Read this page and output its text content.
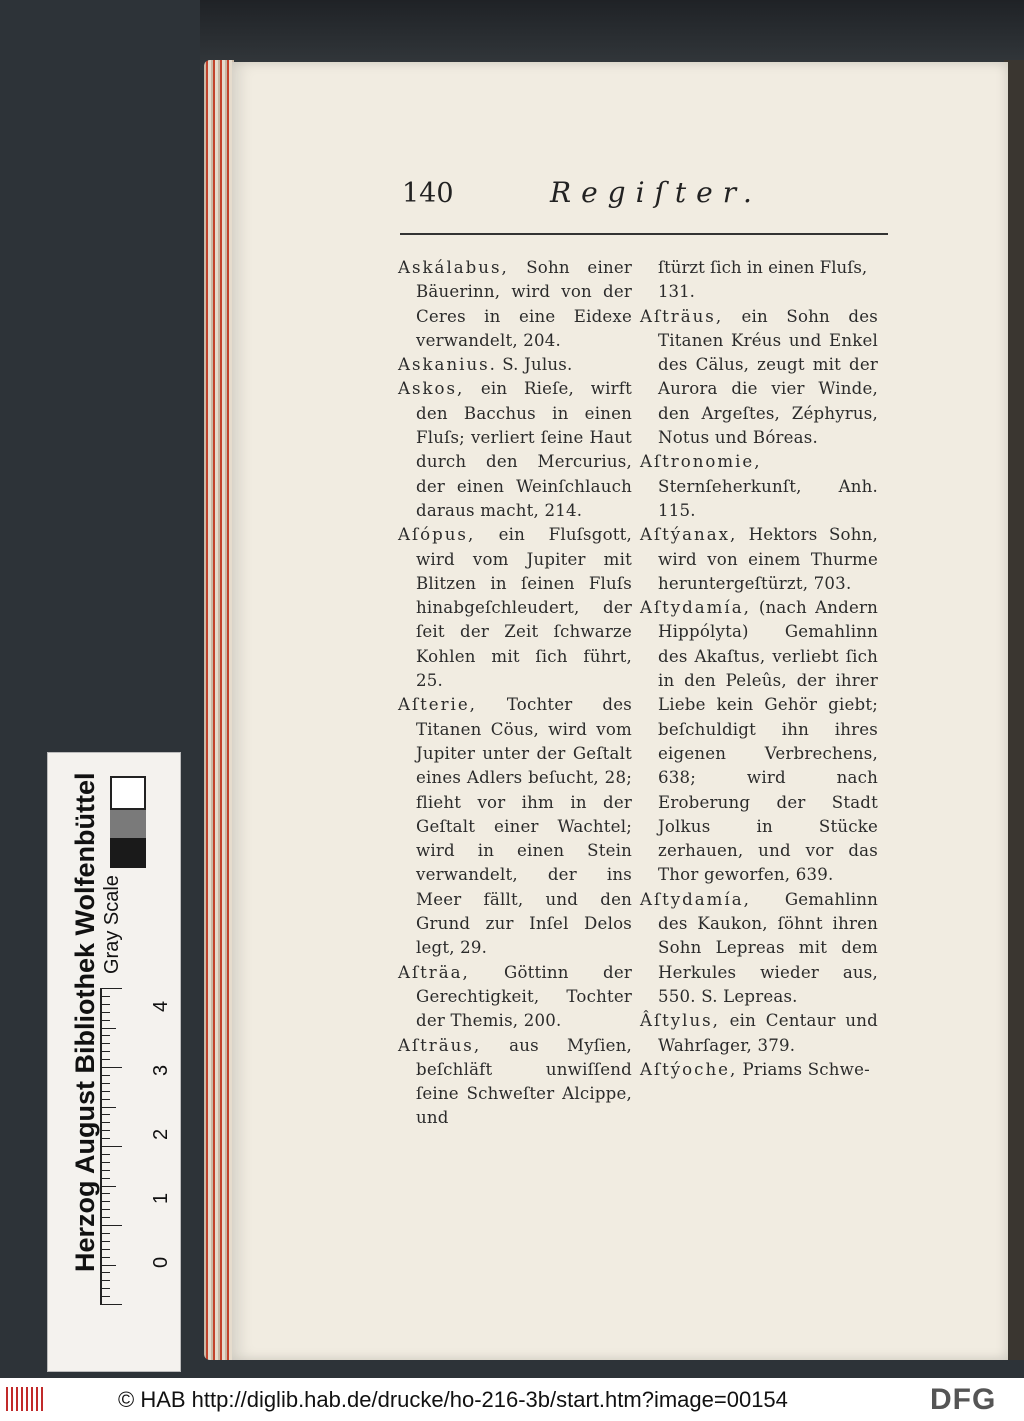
140	Regiſter.

Askálabus, Sohn einer Bäuerinn, wird von der Ceres in eine Eidexe verwandelt, 204.

Askanius. S. Julus.

Askos, ein Rieſe, wirft den Bacchus in einen Fluſs; verliert ſeine Haut durch den Mercurius, der einen Weinſchlauch daraus macht, 214.

Aſópus, ein Fluſsgott, wird vom Jupiter mit Blitzen in ſeinen Fluſs hinabgeſchleudert, der ſeit der Zeit ſchwarze Kohlen mit ſich führt, 25.

Aſterie, Tochter des Titanen Cöus, wird vom Jupiter unter der Geſtalt eines Adlers beſucht, 28; flieht vor ihm in der Geſtalt einer Wachtel; wird in einen Stein verwandelt, der ins Meer fällt, und den Grund zur Inſel Delos legt, 29.

Aſträa, Göttinn der Gerechtigkeit, Tochter der Themis, 200.

Aſträus, aus Myſien, beſchläft unwiſſend ſeine Schweſter Alcippe, und

ſtürzt ſich in einen Fluſs, 131.

Aſträus, ein Sohn des Titanen Kréus und Enkel des Cälus, zeugt mit der Aurora die vier Winde, den Argeſtes, Zéphyrus, Notus und Bóreas.

Aſtronomie, Sternſeherkunſt, Anh. 115.

Aſtýanax, Hektors Sohn, wird von einem Thurme heruntergeſtürzt, 703.

Aſtydamía, (nach Andern Hippólyta) Gemahlinn des Akaſtus, verliebt ſich in den Peleûs, der ihrer Liebe kein Gehör giebt; beſchuldigt ihn ihres eigenen Verbrechens, 638; wird nach Eroberung der Stadt Jolkus in Stücke zerhauen, und vor das Thor geworfen, 639.

Aſtydamía, Gemahlinn des Kaukon, ſöhnt ihren Sohn Lepreas mit dem Herkules wieder aus, 550. S. Lepreas.

Âſtylus, ein Centaur und Wahrſager, 379.

Aſtýoche, Priams Schwe-

Herzog August Bibliothek Wolfenbüttel Gray Scale
0
1
2
3
4
© HAB http://diglib.hab.de/drucke/ho-216-3b/start.htm?image=00154	DFG
